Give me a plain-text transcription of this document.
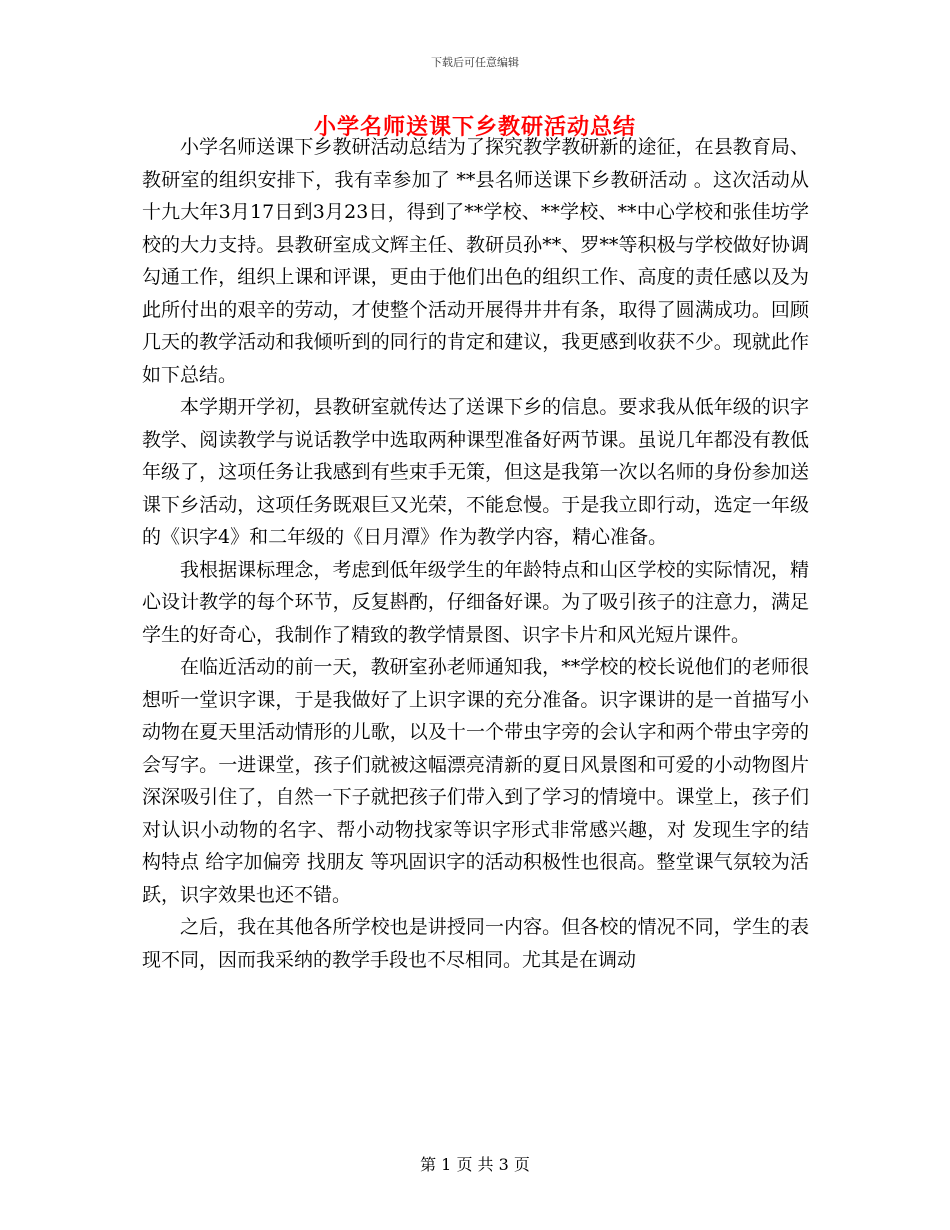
下载后可任意编辑
小学名师送课下乡教研活动总结

小学名师送课下乡教研活动总结为了探究教学教研新的途征，在县教育局、教研室的组织安排下，我有幸参加了 **县名师送课下乡教研活动 。这次活动从 十九大年3月17日到3月23日，得到了**学校、**学校、**中心学校和张佳坊学校的大力支持。县教研室成文辉主任、教研员孙**、罗**等积极与学校做好协调勾通工作，组织上课和评课，更由于他们出色的组织工作、高度的责任感以及为此所付出的艰辛的劳动，才使整个活动开展得井井有条，取得了圆满成功。回顾几天的教学活动和我倾听到的同行的肯定和建议，我更感到收获不少。现就此作如下总结。

本学期开学初，县教研室就传达了送课下乡的信息。要求我从低年级的识字教学、阅读教学与说话教学中选取两种课型准备好两节课。虽说几年都没有教低年级了，这项任务让我感到有些束手无策，但这是我第一次以名师的身份参加送课下乡活动，这项任务既艰巨又光荣，不能怠慢。于是我立即行动，选定一年级的《识字4》和二年级的《日月潭》作为教学内容，精心准备。

我根据课标理念，考虑到低年级学生的年龄特点和山区学校的实际情况，精心设计教学的每个环节，反复斟酌，仔细备好课。为了吸引孩子的注意力，满足学生的好奇心，我制作了精致的教学情景图、识字卡片和风光短片课件。

在临近活动的前一天，教研室孙老师通知我，**学校的校长说他们的老师很想听一堂识字课，于是我做好了上识字课的充分准备。识字课讲的是一首描写小动物在夏天里活动情形的儿歌，以及十一个带虫字旁的会认字和两个带虫字旁的会写字。一进课堂，孩子们就被这幅漂亮清新的夏日风景图和可爱的小动物图片深深吸引住了，自然一下子就把孩子们带入到了学习的情境中。课堂上，孩子们对认识小动物的名字、帮小动物找家等识字形式非常感兴趣，对 发现生字的结构特点 给字加偏旁 找朋友 等巩固识字的活动积极性也很高。整堂课气氛较为活跃，识字效果也还不错。

之后，我在其他各所学校也是讲授同一内容。但各校的情况不同，学生的表现不同，因而我采纳的教学手段也不尽相同。尤其是在调动

第 1 页 共 3 页
